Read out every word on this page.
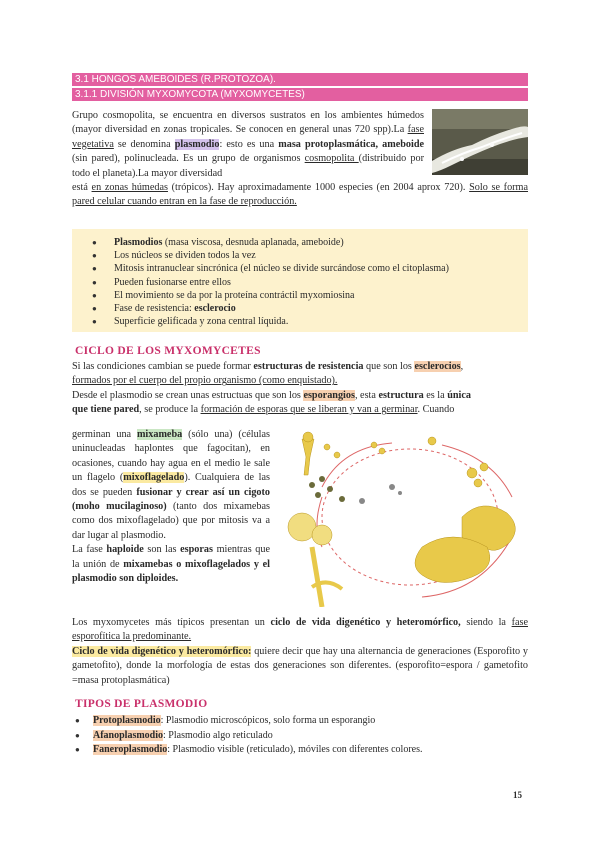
3.1 HONGOS AMEBOIDES (R.PROTOZOA).
3.1.1 DIVISIÓN MYXOMYCOTA (MYXOMYCETES)
Grupo cosmopolita, se encuentra en diversos sustratos en los ambientes húmedos (mayor diversidad en zonas tropicales. Se conocen en general unas 720 spp).La fase vegetativa se denomina plasmodio: esto es una masa protoplasmática, ameboide (sin pared), polinucleada. Es un grupo de organismos cosmopolita (distribuido por todo el planeta).La mayor diversidad
está en zonas húmedas (trópicos). Hay aproximadamente 1000 especies (en 2004 aprox 720). Solo se forma pared celular cuando entran en la fase de reproducción.
● Plasmodios (masa viscosa, desnuda aplanada, ameboide)
● Los núcleos se dividen todos la vez
● Mitosis intranuclear sincrónica (el núcleo se divide surcándose como el citoplasma)
● Pueden fusionarse entre ellos
● El movimiento se da por la proteína contráctil myxomiosina
● Fase de resistencia: esclerocio
● Superficie gelificada y zona central líquida.
CICLO DE LOS MYXOMYCETES
Si las condiciones cambian se puede formar estructuras de resistencia que son los esclerocios,
formados por el cuerpo del propio organismo (como enquistado).
Desde el plasmodio se crean unas estructuas que son los esporangios, esta estructura es la única
que tiene pared, se produce la formación de esporas que se liberan y van a germinar. Cuando
germinan una mixameba (sólo una) (células uninucleadas haplontes que fagocitan), en ocasiones, cuando hay agua en el medio le sale un flagelo (mixoflagelado). Cualquiera de las dos se pueden fusionar y crear así un cigoto (moho mucilaginoso) (tanto dos mixamebas como dos mixoflagelado) que por mitosis va a dar lugar al plasmodio.
La fase haploide son las esporas mientras que la unión de mixamebas o mixoflagelados y el plasmodio son diploides.
Los myxomycetes más típicos presentan un ciclo de vida digenético y heteromórfico, siendo la fase esporofítica la predominante.
Ciclo de vida digenético y heteromórfico: quiere decir que hay una alternancia de generaciones (Esporofito y gametofito), donde la morfología de estas dos generaciones son diferentes. (esporofito=espora / gametofito =masa protoplasmática)
TIPOS DE PLASMODIO
● Protoplasmodio: Plasmodio microscópicos, solo forma un esporangio
● Afanoplasmodio: Plasmodio algo reticulado
● Faneroplasmodio: Plasmodio visible (reticulado), móviles con diferentes colores.
15
